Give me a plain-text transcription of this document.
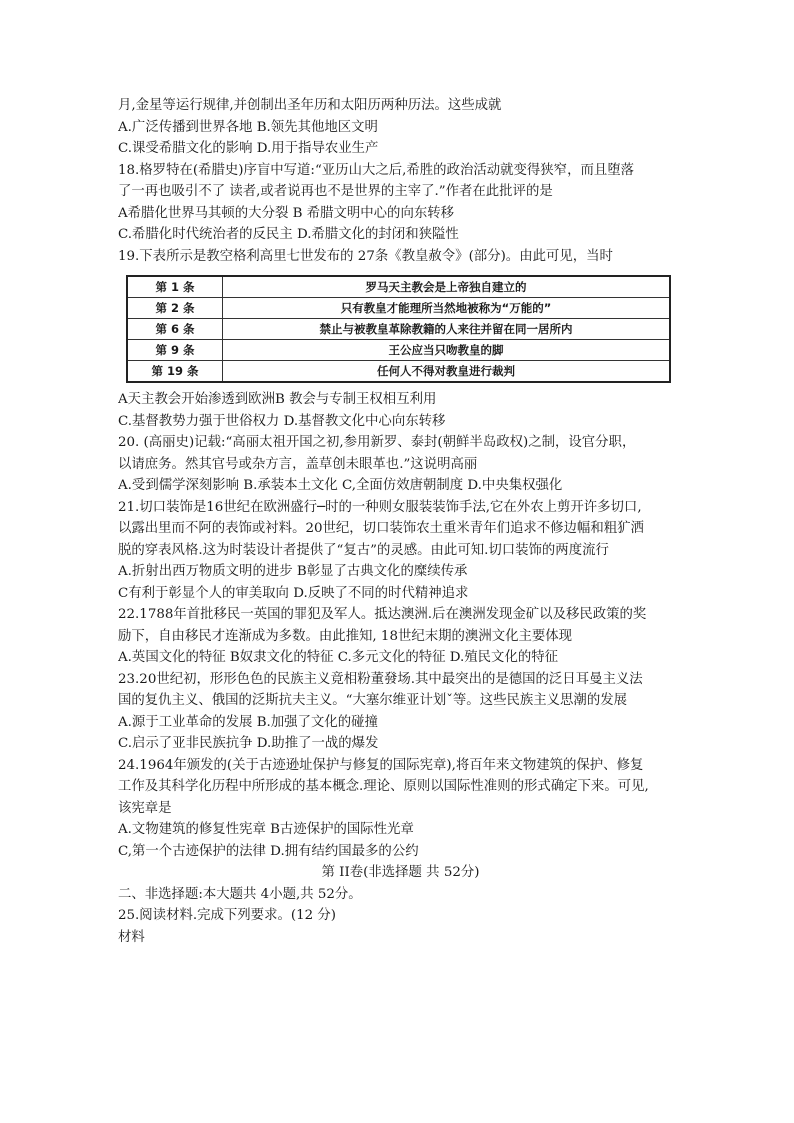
月,金星等运行规律,并创制出圣年历和太阳历两种历法。这些成就
A.广泛传播到世界各地 B.领先其他地区文明
C.课受希腊文化的影响 D.用于指导农业生产
18.格罗特在(希腊史)序盲中写道:“亚历山大之后,希胜的政治活动就变得狭窄，而且堕落
了一再也吸引不了 读者,或者说再也不是世界的主宰了.”作者在此批评的是
A希腊化世界马其顿的大分裂 B 希腊文明中心的向东转移
C.希腊化时代统治者的反民主 D.希腊文化的封闭和狭隘性
19.下表所示是教空格利高里七世发布的 27条《教皇赦令》(部分)。由此可见，当时
第 1 条	罗马天主教会是上帝独自建立的
第 2 条	只有教皇才能理所当然地被称为“万能的”
第 6 条	禁止与被教皇革除教籍的人来往并留在同一居所内
第 9 条	王公应当只吻教皇的脚
第 19 条	任何人不得对教皇进行裁判
A天主教会开始渗透到欧洲B 教会与专制王权相互利用
C.基督教势力强于世俗权力 D.基督教文化中心向东转移
20. (高丽史)记载:“高丽太祖开国之初,参用新罗、泰封(朝鲜半岛政权)之制，设官分职，
以请庶务。然其官号或杂方言，盖草创未眼革也.”这说明高丽
A.受到儒学深刻影响 B.承装本土文化 C,全面仿效唐朝制度 D.中央集权强化
21.切口装饰是16世纪在欧洲盛行─时的一种则女服装装饰手法,它在外农上剪开许多切口,
以露出里而不阿的表饰或衬料。20世纪，切口装饰农土重米青年们追求不修边幅和粗犷洒
脱的穿表风格.这为时装设计者提供了“复古”的灵感。由此可知.切口装饰的两度流行
A.折射出西万物质文明的进步 B彰显了古典文化的糜续传承
C有利于彰显个人的审美取向 D.反映了不同的时代精神追求
22.1788年首批移民一英国的罪犯及军人。抵达澳洲.后在澳洲发现金矿以及移民政策的奖
励下，自由移民才连渐成为多数。由此推知, 18世纪末期的澳洲文化主要体现
A.英国文化的特征 B奴隶文化的特征 C.多元文化的特征 D.殖民文化的特征
23.20世纪初，形形色色的民族主义竟相粉董發场.其中最突出的是德国的泛日耳曼主义法
国的复仇主义、俄国的泛斯抗夫主义。“大塞尔维亚计划ˇ等。这些民族主义思潮的发展
A.源于工业革命的发展 B.加强了文化的碰撞
C.启示了亚非民族抗争 D.助推了一战的爆发
24.1964年颁发的(关于古迹逊址保护与修复的国际宪章),将百年来文物建筑的保护、修复
工作及其科学化历程中所形成的基本概念.理论、原则以国际性准则的形式确定下来。可见,
该宪章是
A.文物建筑的修复性宪章 B古迹保护的国际性光章
C,第一个古迹保护的法律 D.拥有结约国最多的公约
第 II卷(非选择题 共 52分)
二、非选择题:本大题共 4小题,共 52分。
25.阅读材料.完成下列要求。(12 分)
材料
